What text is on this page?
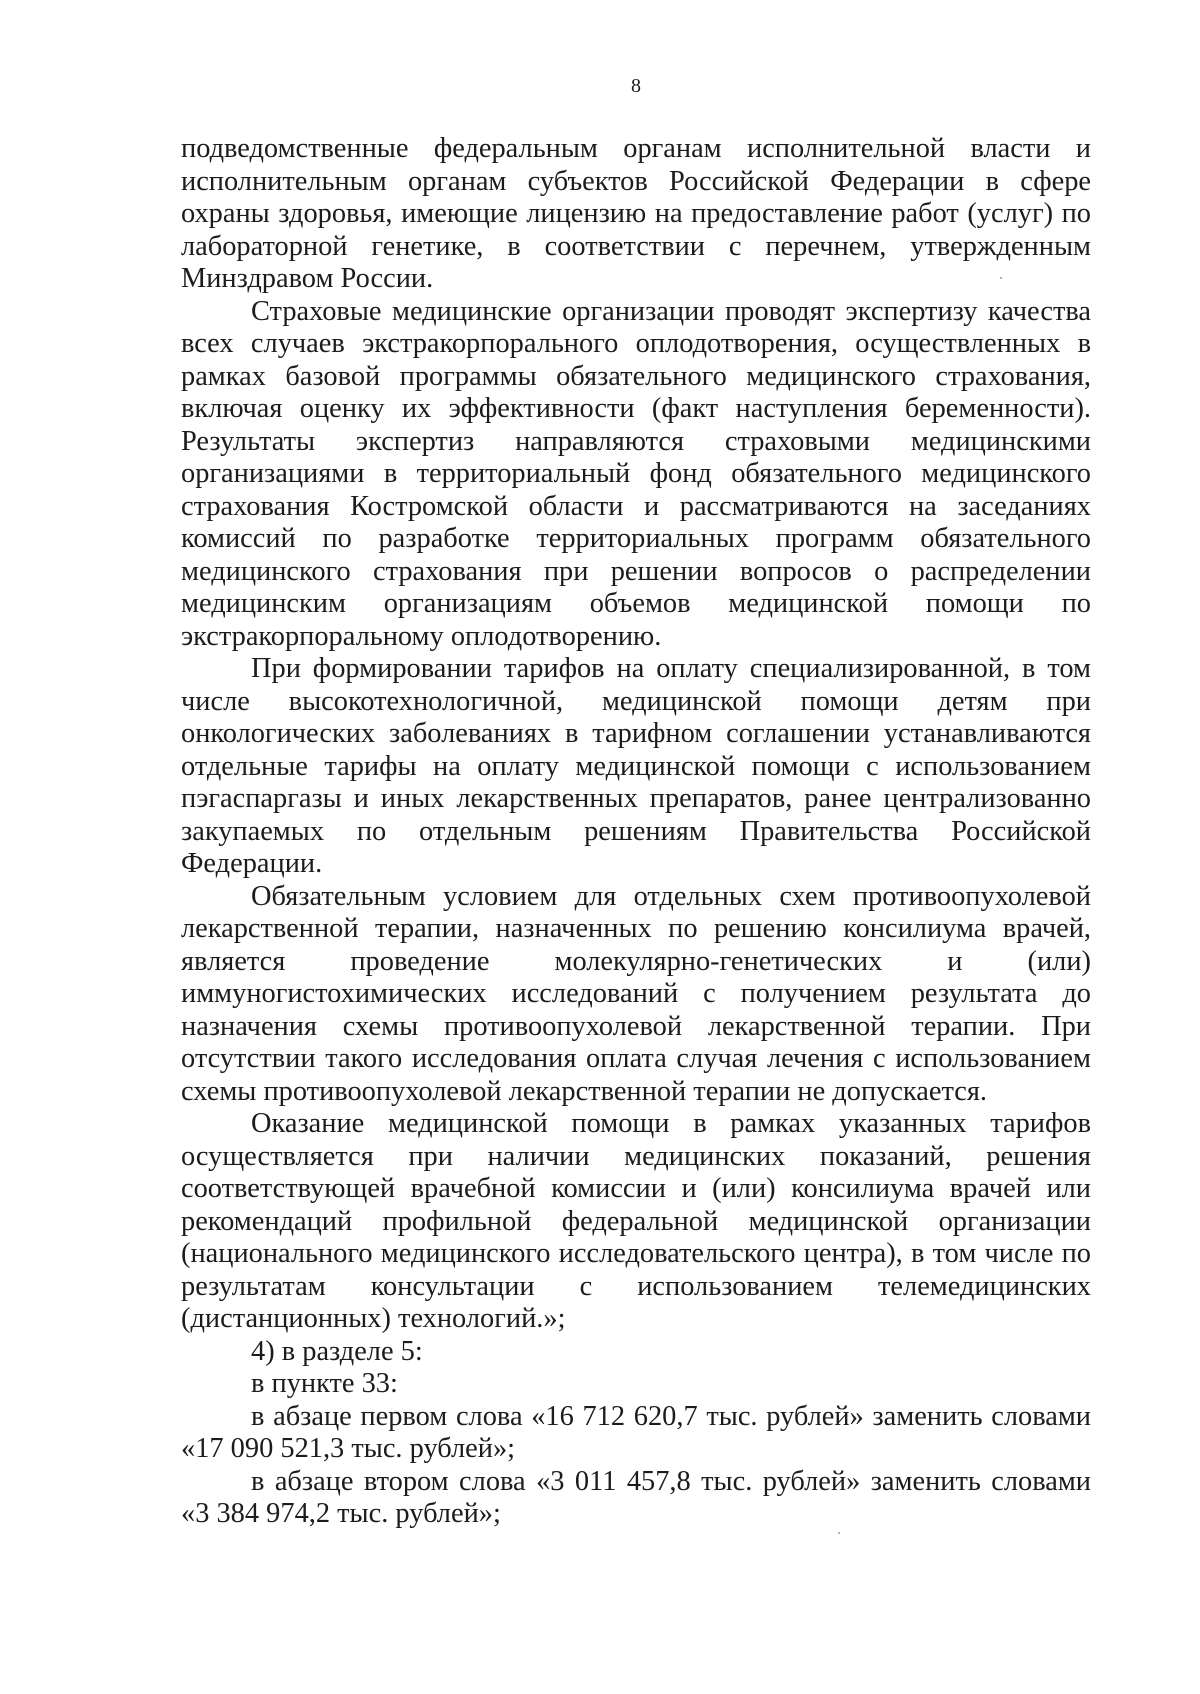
8

подведомственные федеральным органам исполнительной власти и исполнительным органам субъектов Российской Федерации в сфере охраны здоровья, имеющие лицензию на предоставление работ (услуг) по лабораторной генетике, в соответствии с перечнем, утвержденным Минздравом России.

Страховые медицинские организации проводят экспертизу качества всех случаев экстракорпорального оплодотворения, осуществленных в рамках базовой программы обязательного медицинского страхования, включая оценку их эффективности (факт наступления беременности). Результаты экспертиз направляются страховыми медицинскими организациями в территориальный фонд обязательного медицинского страхования Костромской области и рассматриваются на заседаниях комиссий по разработке территориальных программ обязательного медицинского страхования при решении вопросов о распределении медицинским организациям объемов медицинской помощи по экстракорпоральному оплодотворению.

При формировании тарифов на оплату специализированной, в том числе высокотехнологичной, медицинской помощи детям при онкологических заболеваниях в тарифном соглашении устанавливаются отдельные тарифы на оплату медицинской помощи с использованием пэгаспаргазы и иных лекарственных препаратов, ранее централизованно закупаемых по отдельным решениям Правительства Российской Федерации.

Обязательным условием для отдельных схем противоопухолевой лекарственной терапии, назначенных по решению консилиума врачей, является проведение молекулярно-генетических и (или) иммуногистохимических исследований с получением результата до назначения схемы противоопухолевой лекарственной терапии. При отсутствии такого исследования оплата случая лечения с использованием схемы противоопухолевой лекарственной терапии не допускается.

Оказание медицинской помощи в рамках указанных тарифов осуществляется при наличии медицинских показаний, решения соответствующей врачебной комиссии и (или) консилиума врачей или рекомендаций профильной федеральной медицинской организации (национального медицинского исследовательского центра), в том числе по результатам консультации с использованием телемедицинских (дистанционных) технологий.»;

4) в разделе 5:

в пункте 33:

в абзаце первом слова «16 712 620,7 тыс. рублей» заменить словами «17 090 521,3 тыс. рублей»;

в абзаце втором слова «3 011 457,8 тыс. рублей» заменить словами «3 384 974,2 тыс. рублей»;
